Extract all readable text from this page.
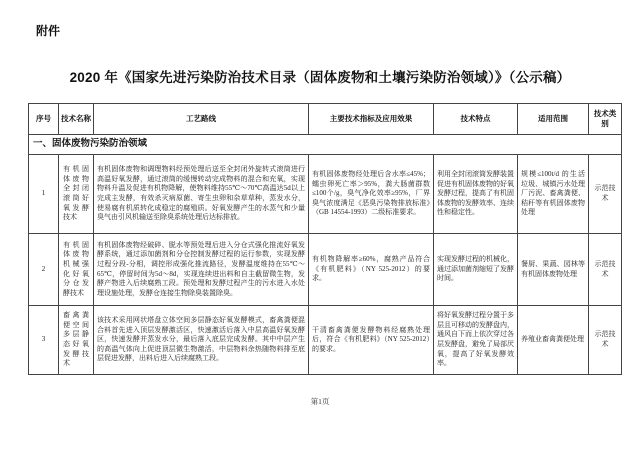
附件
2020 年《国家先进污染防治技术目录（固体废物和土壤污染防治领域）》（公示稿）
序号	技术名称	工艺路线	主要技术指标及应用效果	技术特点	适用范围	技术类别
一、固体废物污染防治领域						
1	有机固体废物全封闭滚筒好氧发酵技术	有机固体废物和调理物料经预处理后送至全封闭外旋转式滚筒进行高温好氧发酵，通过滚筒的缓慢转动完成物料的混合和充氧，实现物料升温及促进有机物降解，使物料维持55℃～70℃高温达5d以上完成主发酵，有效杀灭病原菌、寄生虫卵和杂草草种，蒸发水分，使易腐有机质转化成稳定的腐殖质。好氧发酵产生的水蒸气和少量臭气由引风机输送至除臭系统处理后达标排放。	有机固体废物经处理后含水率≤45%；蠕虫卵死亡率＞95%，粪大肠菌群数≤100个/g，臭气净化效率≥95%，厂界臭气浓度满足《恶臭污染物排放标准》（GB 14554-1993）二级标准要求。	利用全封闭滚筒发酵装置促进有机固体废物的好氧发酵过程，提高了有机固体废物的发酵效率、连续性和稳定性。	规模≤100t/d 的生活垃圾、城镇污水处理厂污泥、畜禽粪便、秸秆等有机固体废物处理	示范技术
2	有机固体废物机械强化好氧分仓发酵技术	有机固体废物经破碎、脱水等预处理后进入分仓式强化推流好氧发酵系统，通过添加菌剂和分仓控制发酵过程的运行参数，实现发酵过程分段-分相，调控形成强化推流路径，发酵温度维持在55℃～65℃，停留时间为5d～8d，实现连续进出料和自主截留微生物，发酵产物进入后续腐熟工段。预处理和发酵过程产生的污水进入水处理设施处理，发酵仓连接生物除臭装置除臭。	有机物降解率≥60%，腐熟产品符合《有机肥料》（NY 525-2012）的要求。	实现发酵过程的机械化，通过添加菌剂缩短了发酵时间。	餐厨、果蔬、园林等有机固体废物处理	示范技术
3	畜禽粪便空间多层静态好氧发酵技术	该技术采用网状塔盘立体空间多层静态好氧发酵模式，畜禽粪便混合料首先进入顶层发酵激活区，快速激活后落入中层高温好氧发酵区，快速发酵并蒸发水分，最后落入底层完成发酵。其中中层产生的高温气体向上促进顶层微生物激活，中层物料余热随物料排至底层促进发酵，出料后进入后续腐熟工段。	干清畜禽粪便发酵物料经腐熟处理后，符合《有机肥料》（NY 525-2012）的要求。	将好氧发酵过程分置于多层且可移动的发酵盘内，通风自下而上依次穿过各层发酵盘，避免了局部厌氧，提高了好氧发酵效率。	养殖业畜禽粪便处理	示范技术
第1页
